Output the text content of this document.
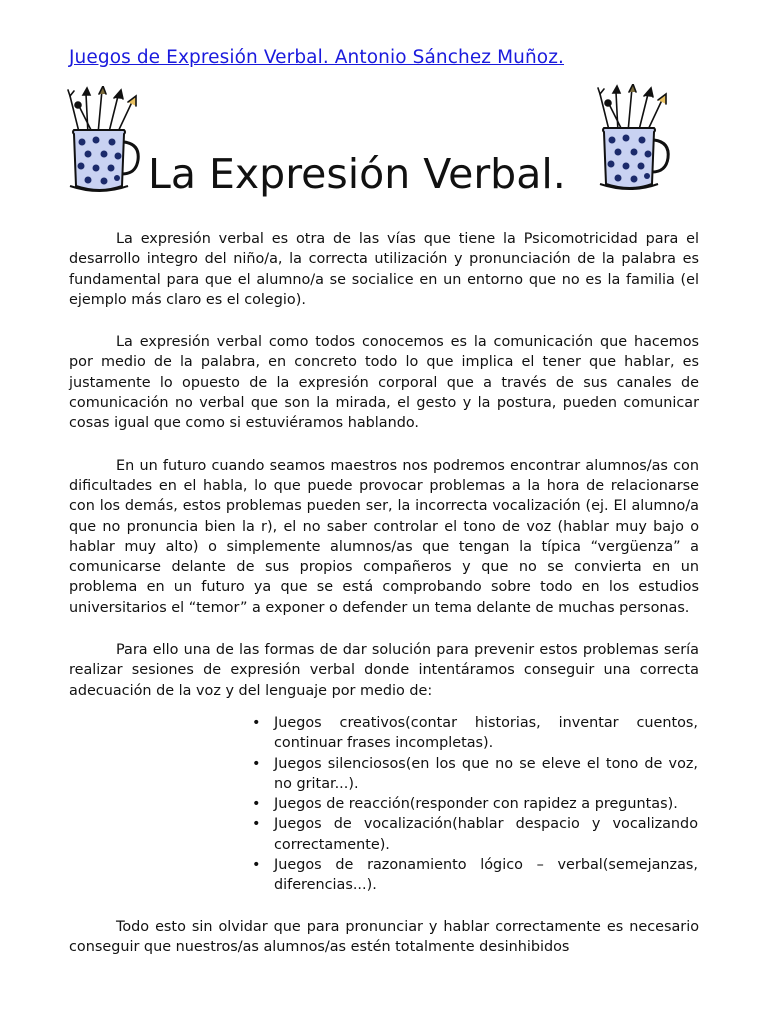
Juegos de Expresión Verbal. Antonio Sánchez Muñoz.
La Expresión Verbal.

La expresión verbal es otra de las vías que tiene la Psicomotricidad para el desarrollo integro del niño/a, la correcta utilización y pronunciación de la palabra es fundamental para que el alumno/a se socialice en un entorno que no es la familia (el ejemplo más claro es el colegio).

La expresión verbal como todos conocemos es la comunicación que hacemos por medio de la palabra, en concreto todo lo que implica el tener que hablar, es justamente lo opuesto de la expresión corporal que a través de sus canales de comunicación no verbal que son la mirada, el gesto y la postura, pueden comunicar cosas igual que como si estuviéramos hablando.

En un futuro cuando seamos maestros nos podremos encontrar alumnos/as con dificultades en el habla, lo que puede provocar problemas a la hora de relacionarse con los demás, estos problemas pueden ser, la incorrecta vocalización (ej. El alumno/a que no pronuncia bien la r), el no saber controlar el tono de voz (hablar muy bajo o hablar muy alto) o simplemente alumnos/as que tengan la típica “vergüenza” a comunicarse delante de sus propios compañeros y que no se convierta en un problema en un futuro ya que se está comprobando sobre todo en los estudios universitarios el “temor” a exponer o defender un tema delante de muchas personas.

Para ello una de las formas de dar solución para prevenir estos problemas sería realizar sesiones de expresión verbal donde intentáramos conseguir una correcta adecuación de la voz y del lenguaje por medio de:

• Juegos creativos(contar historias, inventar cuentos, continuar frases incompletas).
• Juegos silenciosos(en los que no se eleve el tono de voz, no gritar...).
• Juegos de reacción(responder con rapidez a preguntas).
• Juegos de vocalización(hablar despacio y vocalizando correctamente).
• Juegos de razonamiento lógico – verbal(semejanzas, diferencias...).

Todo esto sin olvidar que para pronunciar y hablar correctamente es necesario conseguir que nuestros/as alumnos/as estén totalmente desinhibidos
